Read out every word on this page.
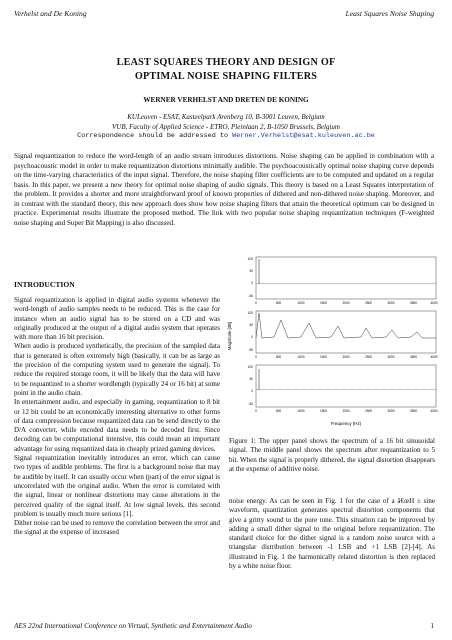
Verhelst and De Koning	Least Squares Noise Shaping
LEAST SQUARES THEORY AND DESIGN OF
OPTIMAL NOISE SHAPING FILTERS
WERNER VERHELST AND DRETEN DE KONING
KULeuven - ESAT, Kasteelpark Arenberg 10, B-3001 Leuven, Belgium
VUB, Faculty of Applied Science - ETRO, Pleinlaan 2, B-1050 Brussels, Belgium
Correspondence should be addressed to Werner.Verhelst@esat.kuleuven.ac.be
Signal requantization to reduce the word-length of an audio stream introduces distortions. Noise shaping can be applied in combination with a psychoacoustic model in order to make requantization distortions minimally audible. The psychoacoustically optimal noise shaping curve depends on the time-varying characteristics of the input signal. Therefore, the noise shaping filter coefficients are to be computed and updated on a regular basis. In this paper, we present a new theory for optimal noise shaping of audio signals. This theory is based on a Least Squares interpretation of the problem. It provides a shorter and more straightforward proof of known properties of dithered and non-dithered noise shaping. Moreover, and in contrast with the standard theory, this new approach does show how noise shaping filters that attain the theoretical optimum can be designed in practice. Experimental results illustrate the proposed method. The link with two popular noise shaping requantization techniques (F-weighted noise shaping and Super Bit Mapping) is also discussed.
INTRODUCTION

Signal requantization is applied in digital audio systems whenever the word-length of audio samples needs to be reduced. This is the case for instance when an audio signal has to be stored on a CD and was originally produced at the output of a digital audio system that operates with more than 16 bit precision.

When audio is produced synthetically, the precision of the sampled data that is generated is often extremely high (basically, it can be as large as the precision of the computing system used to generate the signal). To reduce the required storage room, it will be likely that the data will have to be requantized to a shorter wordlength (typically 24 or 16 bit) at some point in the audio chain.

In entertainment audio, and especially in gaming, requantization to 8 bit or 12 bit could be an economically interesting alternative to other forms of data compression because requantized data can be send directly to the D/A converter, while encoded data needs to be decoded first. Since decoding can be computational intensive, this could mean an important advantage for using requantized data in cheaply prized gaming devices.

Signal requantization inevitably introduces an error, which can cause two types of audible problems. The first is a background noise that may be audible by itself. It can usually occur when (part) of the error signal is uncorrelated with the original audio. When the error is correlated with the signal, linear or nonlinear distortions may cause alterations in the perceived quality of the signal itself. At low signal levels, this second problem is usually much more serious [1].

Dither noise can be used to remove the correlation between the error and the signal at the expense of increased

Magnitude [dB]
Frequency (Hz)
100
50
0
-50
0	500	1000	1500	2000	2500	3000	3500	4000
100
50
0
-50
0	500	1000	1500	2000	2500	3000	3500	4000
100
50
0
-50
0	500	1000	1500	2000	2500	3000	3500	4000
Figure 1: The upper panel shows the spectrum of a 16 bit sinusoidal signal. The middle panel shows the spectrum after requantization to 5 bit. When the signal is properly dithered, the signal distortion disappears at the expense of additive noise.

noise energy. As can be seen in Fig. 1 for the case of a â€œH ± sine waveform, quantization generates spectral distortion components that give a gritty sound to the pure tone. This situation can be improved by adding a small dither signal to the original before requantization. The standard choice for the dither signal is a random noise source with a triangular distribution between -1 LSB and +1 LSB [2]-[4]. As illustrated in Fig. 1 the harmonically related distortion is then replaced by a white noise floor.

AES 22nd International Conference on Virtual, Synthetic and Entertainment Audio	1
